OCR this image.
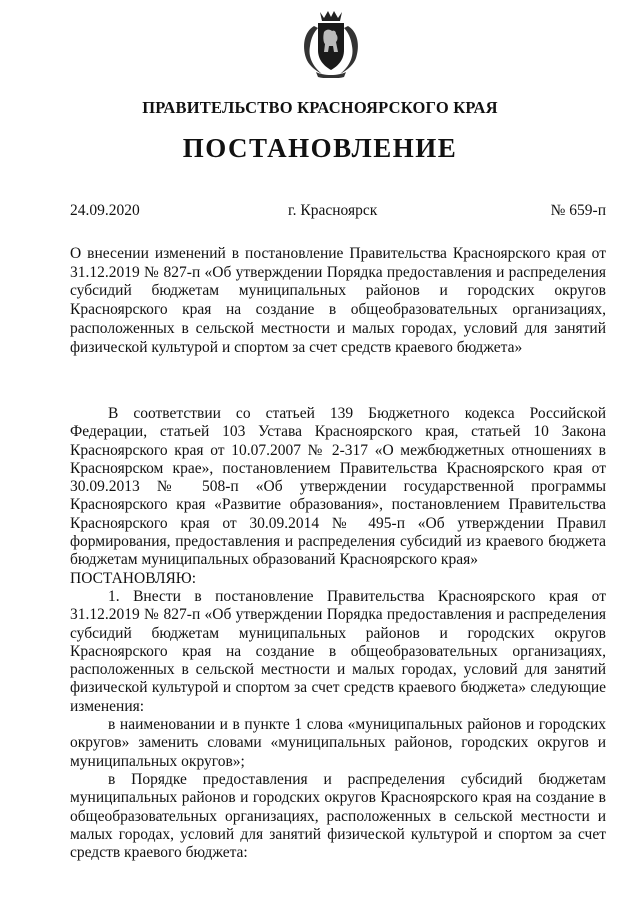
ПРАВИТЕЛЬСТВО КРАСНОЯРСКОГО КРАЯ
ПОСТАНОВЛЕНИЕ
24.09.2020	г. Красноярск	№ 659-п
О внесении изменений в постановление Правительства Красноярского края от 31.12.2019 № 827-п «Об утверждении Порядка предоставления и распределения субсидий бюджетам муниципальных районов и городских округов Красноярского края на создание в общеобразовательных организациях, расположенных в сельской местности и малых городах, условий для занятий физической культурой и спортом за счет средств краевого бюджета»

В соответствии со статьей 139 Бюджетного кодекса Российской Федерации, статьей 103 Устава Красноярского края, статьей 10 Закона Красноярского края от 10.07.2007 № 2-317 «О межбюджетных отношениях в Красноярском крае», постановлением Правительства Красноярского края от 30.09.2013 № 508-п «Об утверждении государственной программы Красноярского края «Развитие образования», постановлением Правительства Красноярского края от 30.09.2014 № 495-п «Об утверждении Правил формирования, предоставления и распределения субсидий из краевого бюджета бюджетам муниципальных образований Красноярского края»

ПОСТАНОВЛЯЮ:

1. Внести в постановление Правительства Красноярского края от 31.12.2019 № 827-п «Об утверждении Порядка предоставления и распределения субсидий бюджетам муниципальных районов и городских округов Красноярского края на создание в общеобразовательных организациях, расположенных в сельской местности и малых городах, условий для занятий физической культурой и спортом за счет средств краевого бюджета» следующие изменения:

в наименовании и в пункте 1 слова «муниципальных районов и городских округов» заменить словами «муниципальных районов, городских округов и муниципальных округов»;

в Порядке предоставления и распределения субсидий бюджетам муниципальных районов и городских округов Красноярского края на создание в общеобразовательных организациях, расположенных в сельской местности и малых городах, условий для занятий физической культурой и спортом за счет средств краевого бюджета:
